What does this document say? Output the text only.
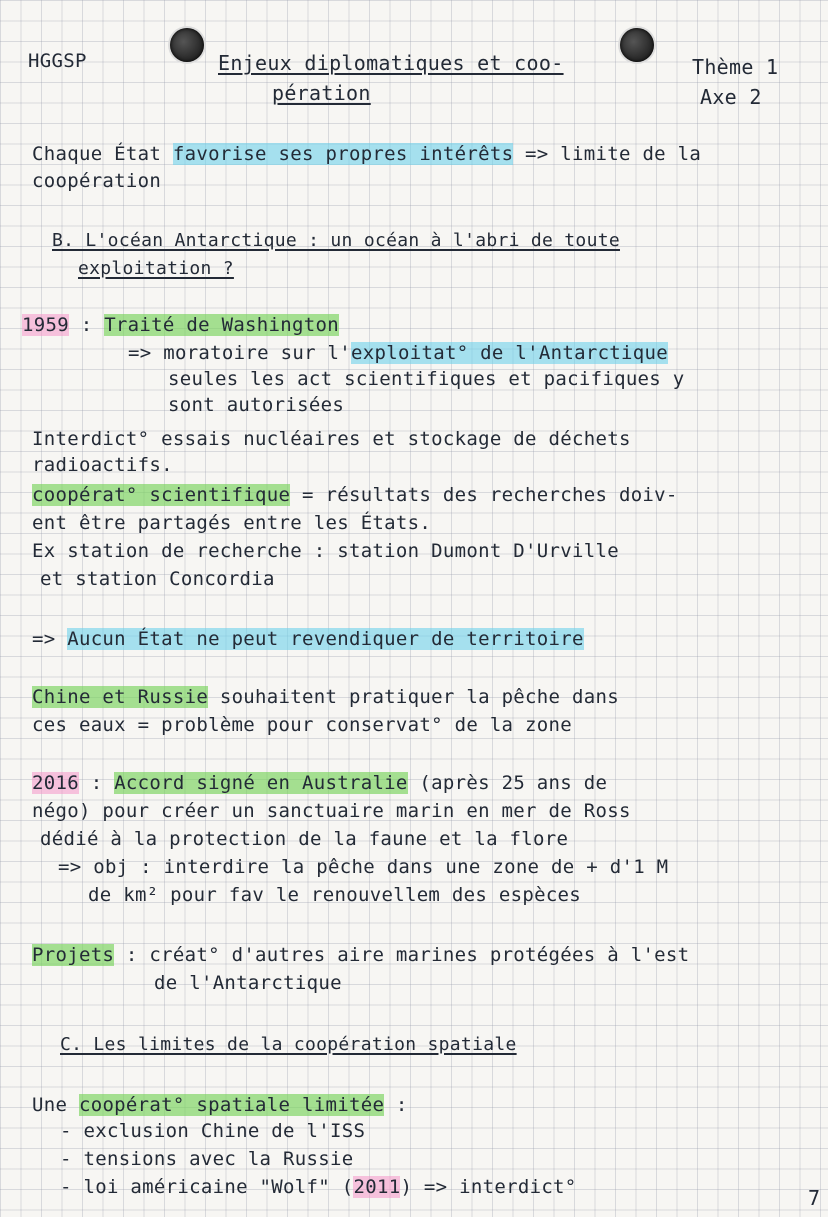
HGGSP	Enjeux diplomatiques et coo-
pération
Thème 1
Axe 2
Chaque État favorise ses propres intérêts => limite de la
coopération
B. L'océan Antarctique : un océan à l'abri de toute
exploitation ?
1959 : Traité de Washington
=> moratoire sur l'exploitat° de l'Antarctique
seules les act scientifiques et pacifiques y
sont autorisées
Interdict° essais nucléaires et stockage de déchets
radioactifs.
coopérat° scientifique = résultats des recherches doiv-
ent être partagés entre les États.
Ex station de recherche : station Dumont D'Urville
et station Concordia
=> Aucun État ne peut revendiquer de territoire
Chine et Russie souhaitent pratiquer la pêche dans
ces eaux = problème pour conservat° de la zone
2016 : Accord signé en Australie (après 25 ans de
négo) pour créer un sanctuaire marin en mer de Ross
dédié à la protection de la faune et la flore
=> obj : interdire la pêche dans une zone de + d'1 M
de km² pour fav le renouvellem des espèces
Projets : créat° d'autres aire marines protégées à l'est
de l'Antarctique
C. Les limites de la coopération spatiale
Une coopérat° spatiale limitée :
- exclusion Chine de l'ISS
- tensions avec la Russie
- loi américaine "Wolf" (2011) => interdict°	7
